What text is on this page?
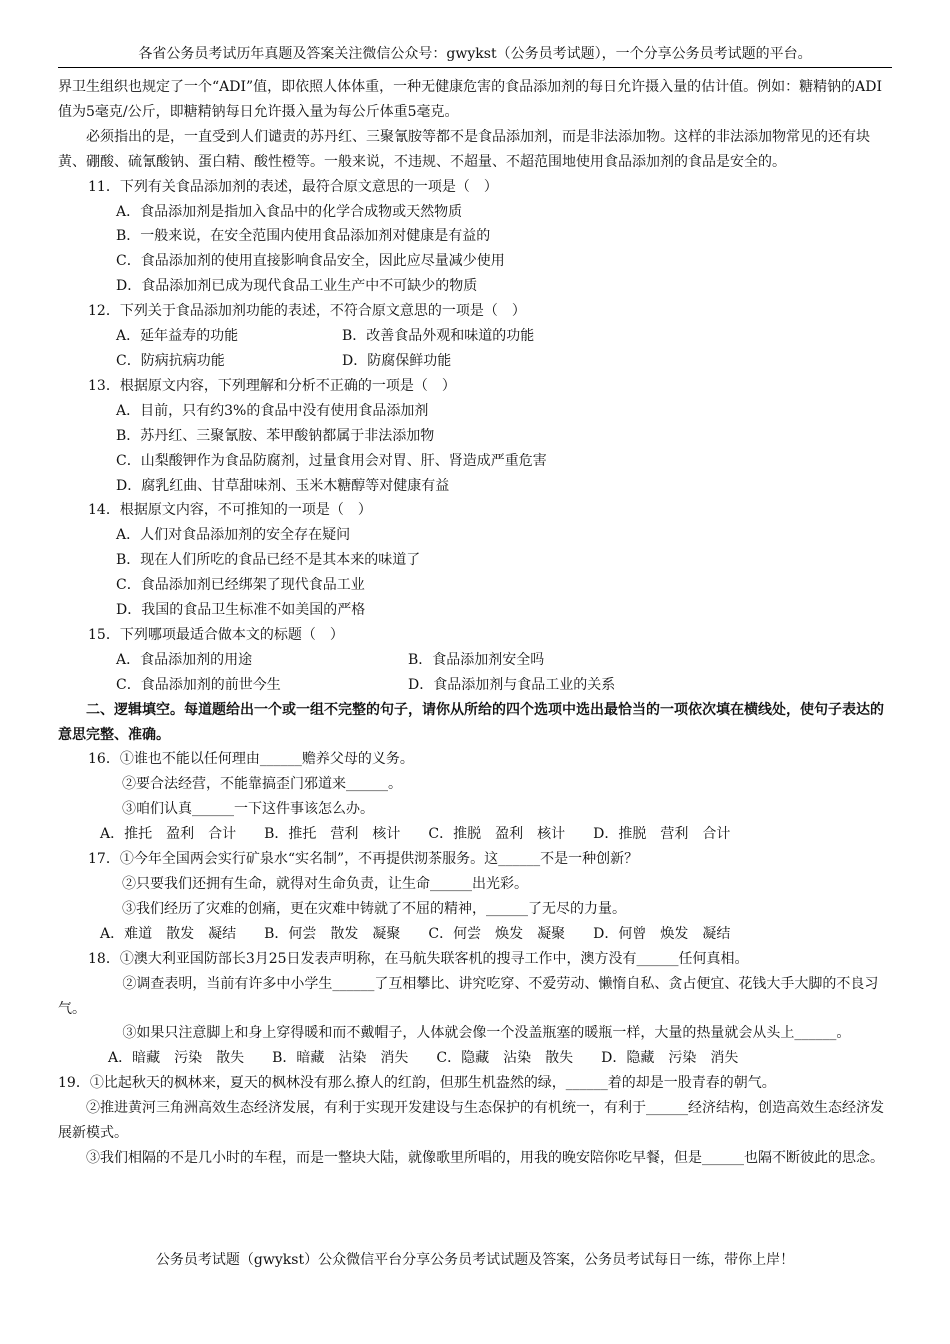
各省公务员考试历年真题及答案关注微信公众号：gwykst（公务员考试题），一个分享公务员考试题的平台。

界卫生组织也规定了一个“ADI”值，即依照人体体重，一种无健康危害的食品添加剂的每日允许摄入量的估计值。例如：糖精钠的ADI值为5毫克/公斤，即糖精钠每日允许摄入量为每公斤体重5毫克。

必须指出的是，一直受到人们谴责的苏丹红、三聚氰胺等都不是食品添加剂，而是非法添加物。这样的非法添加物常见的还有块黄、硼酸、硫氰酸钠、蛋白精、酸性橙等。一般来说，不违规、不超量、不超范围地使用食品添加剂的食品是安全的。

11．下列有关食品添加剂的表述，最符合原文意思的一项是（　）

A．食品添加剂是指加入食品中的化学合成物或天然物质

B．一般来说，在安全范围内使用食品添加剂对健康是有益的

C．食品添加剂的使用直接影响食品安全，因此应尽量减少使用

D．食品添加剂已成为现代食品工业生产中不可缺少的物质

12．下列关于食品添加剂功能的表述，不符合原文意思的一项是（　）

A．延年益寿的功能	B．改善食品外观和味道的功能
C．防病抗病功能	D．防腐保鲜功能

13．根据原文内容，下列理解和分析不正确的一项是（　）

A．目前，只有约3%的食品中没有使用食品添加剂

B．苏丹红、三聚氰胺、苯甲酸钠都属于非法添加物

C．山梨酸钾作为食品防腐剂，过量食用会对胃、肝、肾造成严重危害

D．腐乳红曲、甘草甜味剂、玉米木糖醇等对健康有益

14．根据原文内容，不可推知的一项是（　）

A．人们对食品添加剂的安全存在疑问

B．现在人们所吃的食品已经不是其本来的味道了

C．食品添加剂已经绑架了现代食品工业

D．我国的食品卫生标准不如美国的严格

15．下列哪项最适合做本文的标题（　）

A．食品添加剂的用途	B．食品添加剂安全吗
C．食品添加剂的前世今生	D．食品添加剂与食品工业的关系

二、逻辑填空。每道题给出一个或一组不完整的句子，请你从所给的四个选项中选出最恰当的一项依次填在横线处，使句子表达的意思完整、准确。

16．①谁也不能以任何理由______赡养父母的义务。

②要合法经营，不能靠搞歪门邪道来______。

③咱们认真______一下这件事该怎么办。

A．推托　盈利　合计　　B．推托　营利　核计　　C．推脱　盈利　核计　　D．推脱　营利　合计

17．①今年全国两会实行矿泉水“实名制”，不再提供沏茶服务。这______不是一种创新？

②只要我们还拥有生命，就得对生命负责，让生命______出光彩。

③我们经历了灾难的创痛，更在灾难中铸就了不屈的精神，______了无尽的力量。

A．难道　散发　凝结　　B．何尝　散发　凝聚　　C．何尝　焕发　凝聚　　D．何曾　焕发　凝结

18．①澳大利亚国防部长3月25日发表声明称，在马航失联客机的搜寻工作中，澳方没有______任何真相。

②调查表明，当前有许多中小学生______了互相攀比、讲究吃穿、不爱劳动、懒惰自私、贪占便宜、花钱大手大脚的不良习气。

③如果只注意脚上和身上穿得暖和而不戴帽子，人体就会像一个没盖瓶塞的暖瓶一样，大量的热量就会从头上______。

A．暗藏　污染　散失　　B．暗藏　沾染　消失　　C．隐藏　沾染　散失　　D．隐藏　污染　消失

19．①比起秋天的枫林来，夏天的枫林没有那么撩人的红韵，但那生机盎然的绿，______着的却是一股青春的朝气。

②推进黄河三角洲高效生态经济发展，有利于实现开发建设与生态保护的有机统一，有利于______经济结构，创造高效生态经济发展新模式。

③我们相隔的不是几小时的车程，而是一整块大陆，就像歌里所唱的，用我的晚安陪你吃早餐，但是______也隔不断彼此的思念。

公务员考试题（gwykst）公众微信平台分享公务员考试试题及答案，公务员考试每日一练，带你上岸！
